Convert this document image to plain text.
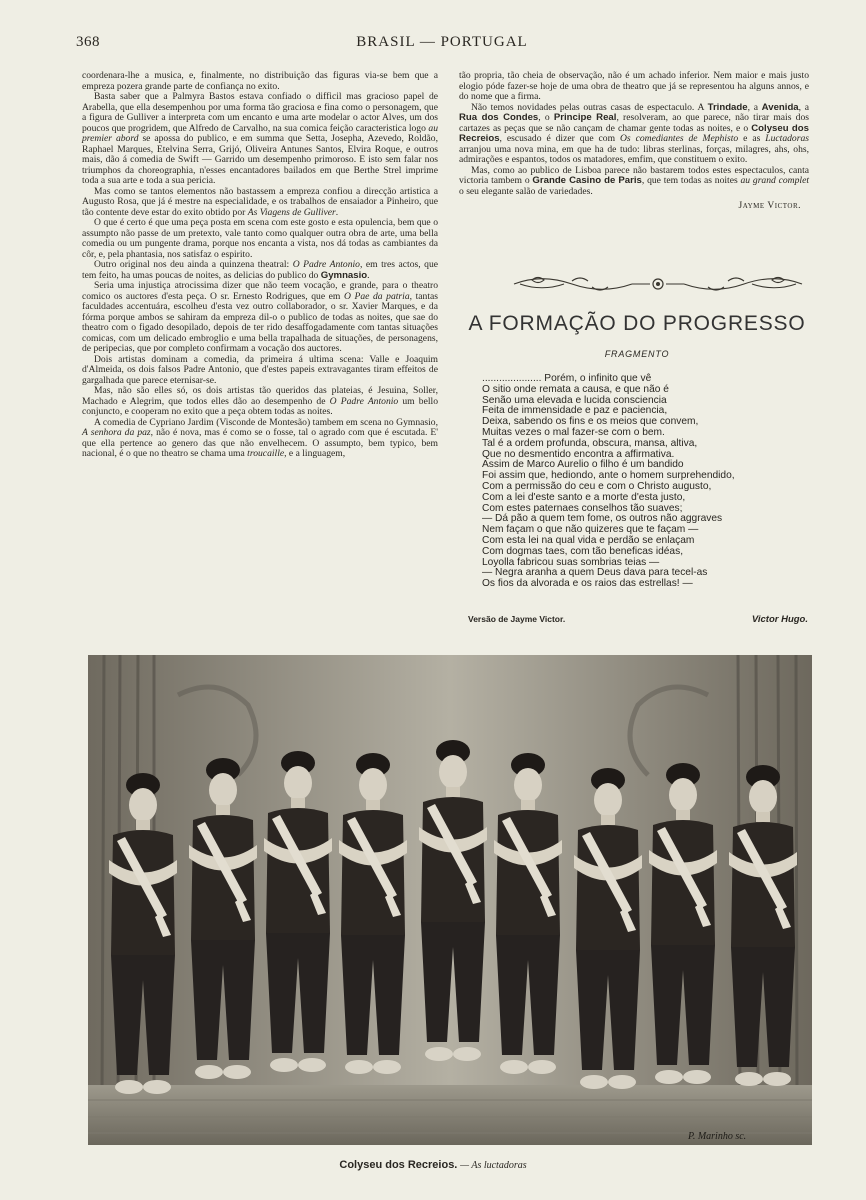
368	BRASIL — PORTUGAL

coordenara-lhe a musica, e, finalmente, no distribuição das figuras via-se bem que a empreza pozera grande parte de confiança no exito.

Basta saber que a Palmyra Bastos estava confiado o difficil mas gracioso papel de Arabella, que ella desempenhou por uma forma tão graciosa e fina como o personagem, que a figura de Gulliver a interpreta com um encanto e uma arte modelar o actor Alves, um dos poucos que progridem, que Alfredo de Carvalho, na sua comica feição caracteristica logo au premier abord se apossa do publico, e em summa que Setta, Josepha, Azevedo, Roldão, Raphael Marques, Etelvina Serra, Grijó, Oliveira Antunes Santos, Elvira Roque, e outros mais, dão á comedia de Swift — Garrido um desempenho primoroso. E isto sem falar nos triumphos da choreographia, n'esses encantadores bailados em que Berthe Strel imprime toda a sua arte e toda a sua pericia.

Mas como se tantos elementos não bastassem a empreza confiou a direcção artistica a Augusto Rosa, que já é mestre na especialidade, e os trabalhos de ensaiador a Pinheiro, que tão contente deve estar do exito obtido por As Viagens de Gulliver.

O que é certo é que uma peça posta em scena com este gosto e esta opulencia, bem que o assumpto não passe de um pretexto, vale tanto como qualquer outra obra de arte, uma bella comedia ou um pungente drama, porque nos encanta a vista, nos dá todas as cambiantes da côr, e, pela phantasia, nos satisfaz o espirito.

Outro original nos deu ainda a quinzena theatral: O Padre Antonio, em tres actos, que tem feito, ha umas poucas de noites, as delicias do publico do Gymnasio.

Seria uma injustiça atrocissima dizer que não teem vocação, e grande, para o theatro comico os auctores d'esta peça. O sr. Ernesto Rodrigues, que em O Pae da patria, tantas faculdades accentuára, escolheu d'esta vez outro collaborador, o sr. Xavier Marques, e da fórma porque ambos se sahiram da empreza dil-o o publico de todas as noites, que sae do theatro com o figado desopilado, depois de ter rido desaffogadamente com tantas situações comicas, com um delicado embroglio e uma bella trapalhada de situações, de personagens, de peripecias, que por completo confirmam a vocação dos auctores.

Dois artistas dominam a comedia, da primeira á ultima scena: Valle e Joaquim d'Almeida, os dois falsos Padre Antonio, que d'estes papeis extravagantes tiram effeitos de gargalhada que parece eternisar-se.

Mas, não são elles só, os dois artistas tão queridos das plateias, é Jesuina, Soller, Machado e Alegrim, que todos elles dão ao desempenho de O Padre Antonio um bello conjuncto, e cooperam no exito que a peça obtem todas as noites.

A comedia de Cypriano Jardim (Visconde de Montesão) tambem em scena no Gymnasio, A senhora da paz, não é nova, mas é como se o fosse, tal o agrado com que é escutada. E' que ella pertence ao genero das que não envelhecem. O assumpto, bem typico, bem nacional, é o que no theatro se chama uma troucaille, e a linguagem,

tão propria, tão cheia de observação, não é um achado inferior. Nem maior e mais justo elogio póde fazer-se hoje de uma obra de theatro que já se representou ha alguns annos, e do nome que a firma.

Não temos novidades pelas outras casas de espectaculo. A Trindade, a Avenida, a Rua dos Condes, o Principe Real, resolveram, ao que parece, não tirar mais dos cartazes as peças que se não cançam de chamar gente todas as noites, e o Colyseu dos Recreios, escusado é dizer que com Os comediantes de Mephisto e as Luctadoras arranjou uma nova mina, em que ha de tudo: libras sterlinas, forças, milagres, ahs, ohs, admirações e espantos, todos os matadores, emfim, que constituem o exito.

Mas, como ao publico de Lisboa parece não bastarem todos estes espectaculos, canta victoria tambem o Grande Casino de Paris, que tem todas as noites au grand complet o seu elegante salão de variedades.

Jayme Victor.
A FORMAÇÃO DO PROGRESSO
FRAGMENTO
..................... Porém, o infinito que vê
O sitio onde remata a causa, e que não é
Senão uma elevada e lucida consciencia
Feita de immensidade e paz e paciencia,
Deixa, sabendo os fins e os meios que convem,
Muitas vezes o mal fazer-se com o bem.
Tal é a ordem profunda, obscura, mansa, altiva,
Que no desmentido encontra a affirmativa.
Assim de Marco Aurelio o filho é um bandido
Foi assim que, hediondo, ante o homem surprehendido,
Com a permissão do ceu e com o Christo augusto,
Com a lei d'este santo e a morte d'esta justo,
Com estes paternaes conselhos tão suaves;
— Dá pão a quem tem fome, os outros não aggraves
Nem façam o que não quizeres que te façam —
Com esta lei na qual vida e perdão se enlaçam
Com dogmas taes, com tão beneficas idéas,
Loyolla fabricou suas sombrias teias —
— Negra aranha a quem Deus dava para tecel-as
Os fios da alvorada e os raios das estrellas! —
Versão de Jayme Victor.	Victor Hugo.
P. Marinho sc.
Colyseu dos Recreios. — As luctadoras
